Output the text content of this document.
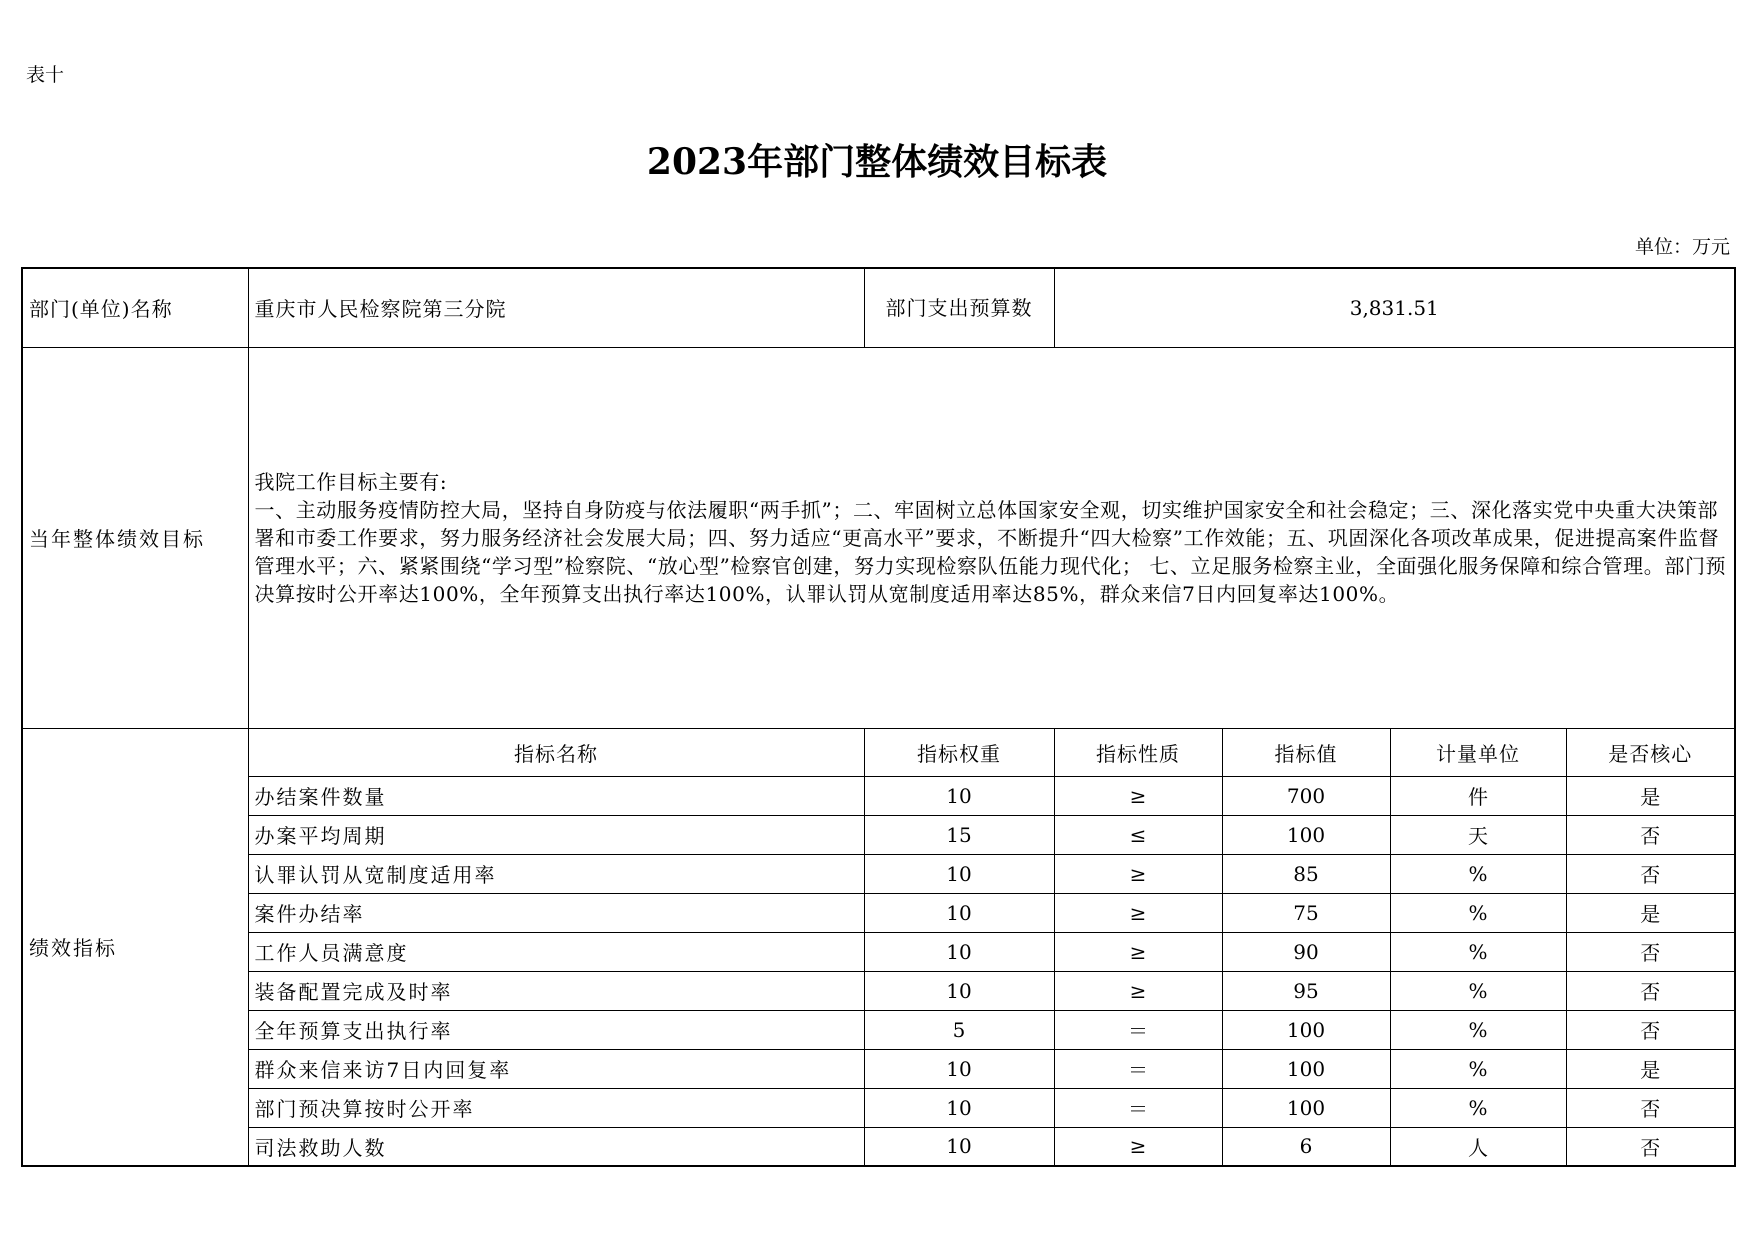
表十
2023年部门整体绩效目标表
单位：万元
部门(单位)名称	重庆市人民检察院第三分院	部门支出预算数	3,831.51			
当年整体绩效目标	我院工作目标主要有:
一、主动服务疫情防控大局，坚持自身防疫与依法履职“两手抓”；二、牢固树立总体国家安全观，切实维护国家安全和社会稳定；三、深化落实党中央重大决策部署和市委工作要求，努力服务经济社会发展大局；四、努力适应“更高水平”要求，不断提升“四大检察”工作效能；五、巩固深化各项改革成果，促进提高案件监督管理水平；六、紧紧围绕“学习型”检察院、“放心型”检察官创建，努力实现检察队伍能力现代化； 七、立足服务检察主业，全面强化服务保障和综合管理。部门预决算按时公开率达100%，全年预算支出执行率达100%，认罪认罚从宽制度适用率达85%，群众来信7日内回复率达100%。					
绩效指标	指标名称	指标权重	指标性质	指标值	计量单位	是否核心
	办结案件数量	10	≥	700	件	是
	办案平均周期	15	≤	100	天	否
	认罪认罚从宽制度适用率	10	≥	85	%	否
	案件办结率	10	≥	75	%	是
	工作人员满意度	10	≥	90	%	否
	装备配置完成及时率	10	≥	95	%	否
	全年预算支出执行率	5	＝	100	%	否
	群众来信来访7日内回复率	10	＝	100	%	是
	部门预决算按时公开率	10	＝	100	%	否
	司法救助人数	10	≥	6	人	否
